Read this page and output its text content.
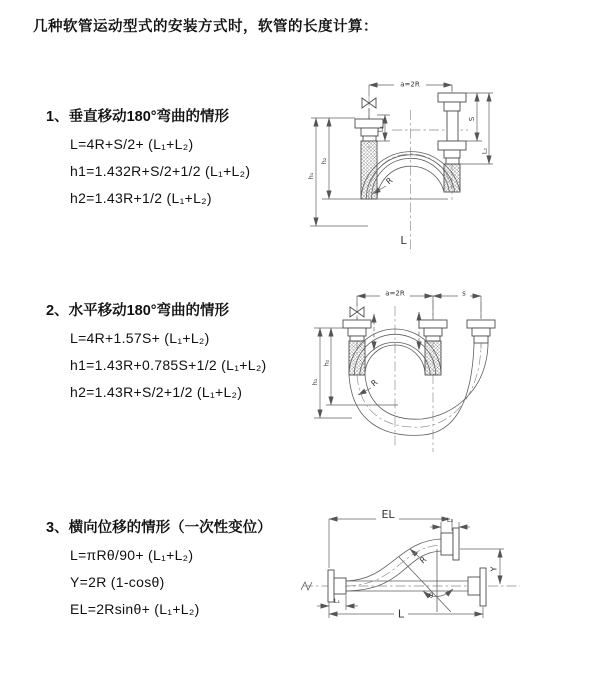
几种软管运动型式的安装方式时，软管的长度计算：
1、垂直移动180°弯曲的情形
L=4R+S/2+ (L₁+L₂)
h1=1.432R+S/2+1/2 (L₁+L₂)
h2=1.43R+1/2 (L₁+L₂)
2、水平移动180°弯曲的情形
L=4R+1.57S+ (L₁+L₂)
h1=1.43R+0.785S+1/2 (L₁+L₂)
h2=1.43R+S/2+1/2 (L₁+L₂)
3、横向位移的情形（一次性变位）
L=πRθ/90+ (L₁+L₂)
Y=2R (1-cosθ)
EL=2Rsinθ+ (L₁+L₂)
a=2R
h₁
h₂
L₁
S
L₂
R
L
a=2R	s
h₁
h₂
R
EL	L₂
Y
R
θ
L
L₁
